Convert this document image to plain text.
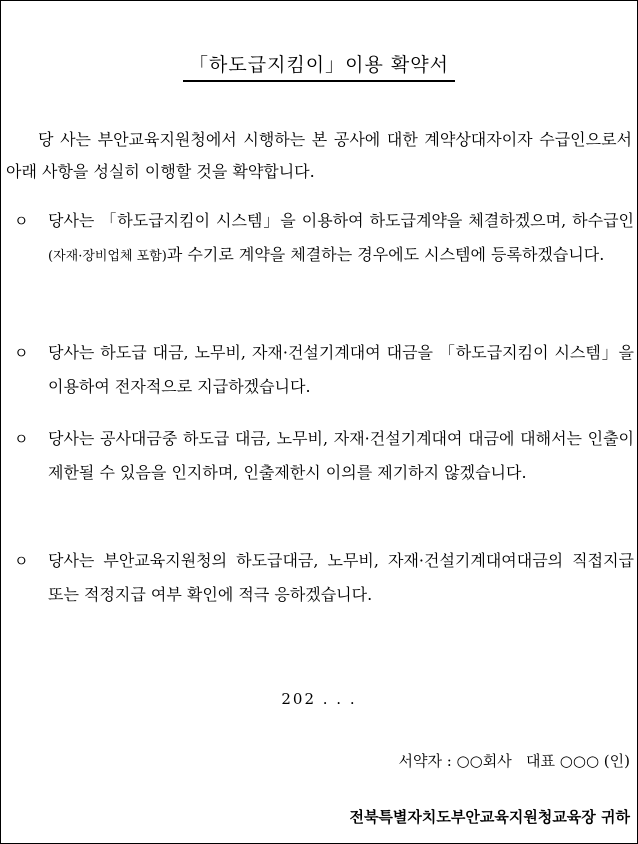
「하도급지킴이」이용 확약서
당 사는 부안교육지원청에서 시행하는 본 공사에 대한 계약상대자이자 수급인으로서 아래 사항을 성실히 이행할 것을 확약합니다.
ㅇ 당사는 「하도급지킴이 시스템」을 이용하여 하도급계약을 체결하겠으며, 하수급인(자재·장비업체 포함)과 수기로 계약을 체결하는 경우에도 시스템에 등록하겠습니다.
ㅇ 당사는 하도급 대금, 노무비, 자재·건설기계대여 대금을 「하도급지킴이 시스템」을 이용하여 전자적으로 지급하겠습니다.
ㅇ 당사는 공사대금중 하도급 대금, 노무비, 자재·건설기계대여 대금에 대해서는 인출이 제한될 수 있음을 인지하며, 인출제한시 이의를 제기하지 않겠습니다.
ㅇ 당사는 부안교육지원청의 하도급대금, 노무비, 자재·건설기계대여대금의 직접지급 또는 적정지급 여부 확인에 적극 응하겠습니다.
202 . . .
서약자 : ○○회사   대표 ○○○ (인)
전북특별자치도부안교육지원청교육장 귀하
